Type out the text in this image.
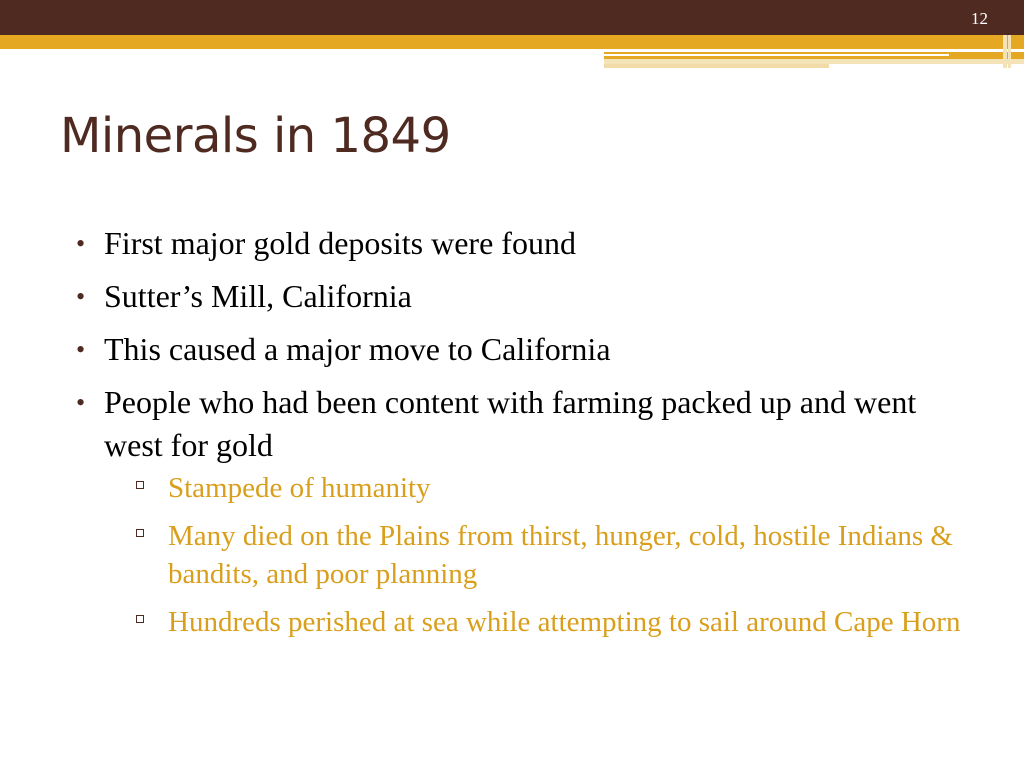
12
Minerals in 1849
• First major gold deposits were found
• Sutter’s Mill, California
• This caused a major move to California
• People who had been content with farming packed up and went west for gold
Stampede of humanity
Many died on the Plains from thirst, hunger, cold, hostile Indians & bandits, and poor planning
Hundreds perished at sea while attempting to sail around Cape Horn
